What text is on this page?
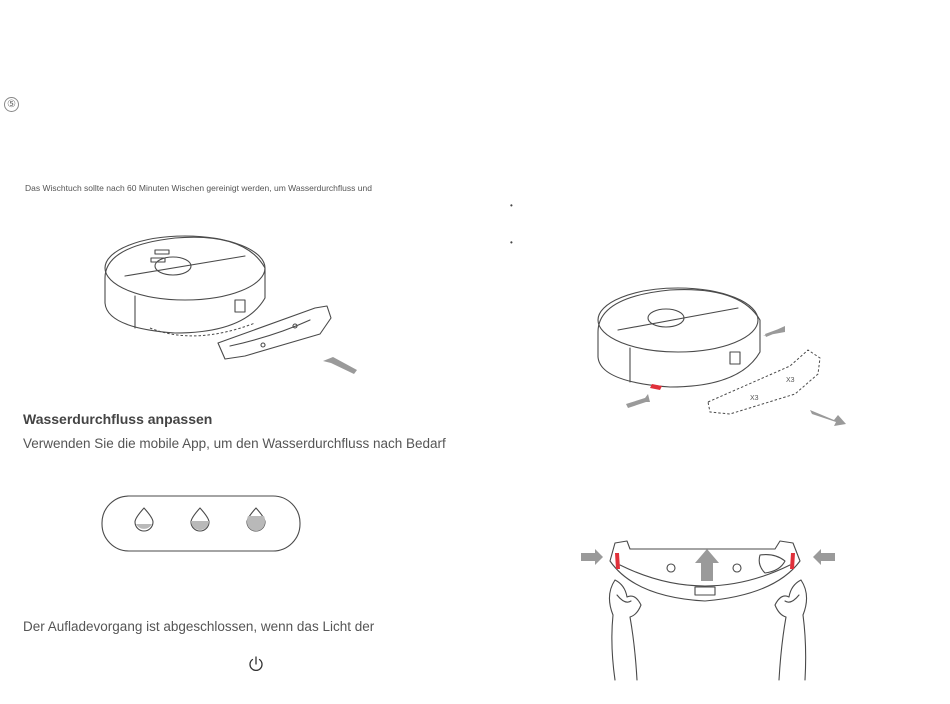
⑤
Das Wischtuch sollte nach 60 Minuten Wischen gereinigt werden, um Wasserdurchfluss und
•
•
Wasserdurchfluss anpassen
Verwenden Sie die mobile App, um den Wasserdurchfluss nach Bedarf
Der Aufladevorgang ist abgeschlossen, wenn das Licht der
X3
X3
